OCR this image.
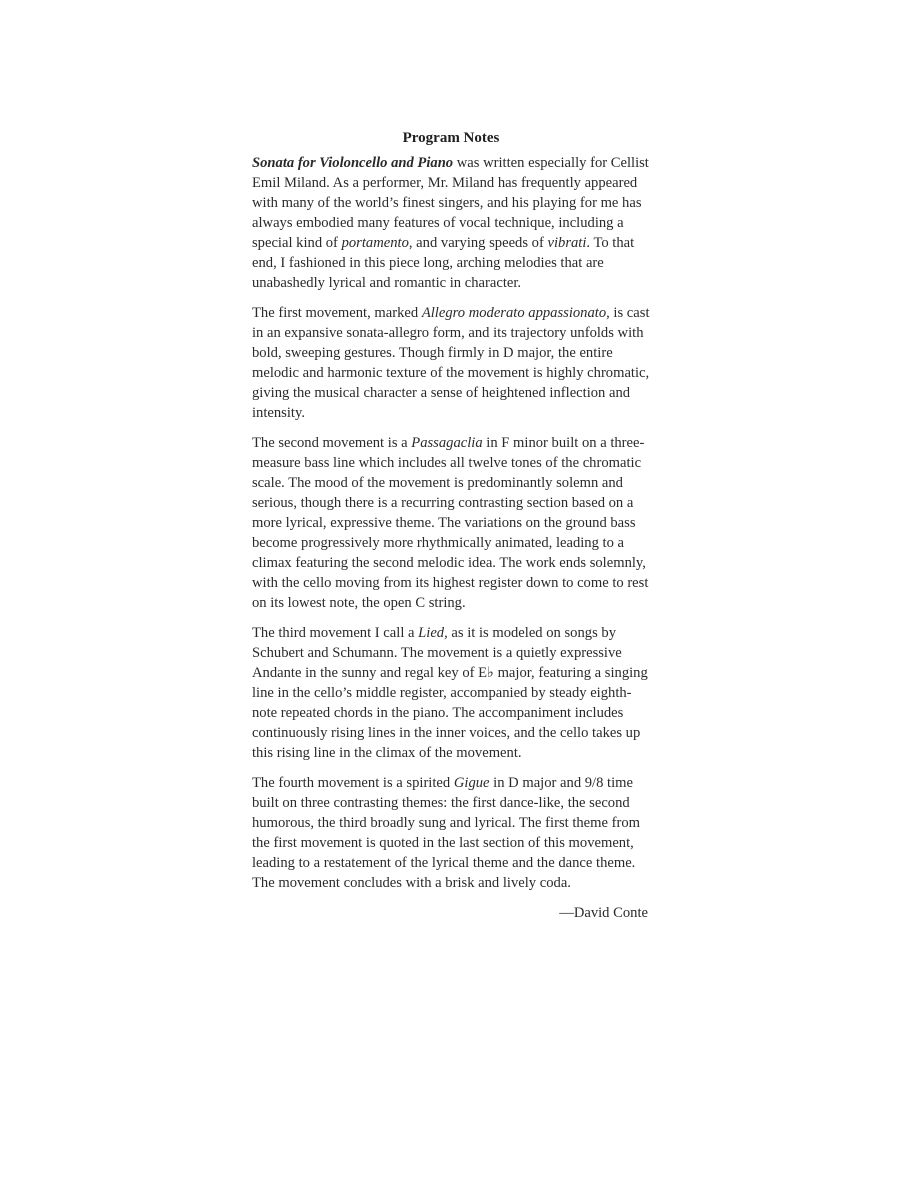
Program Notes

Sonata for Violoncello and Piano was written especially for Cellist Emil Miland. As a performer, Mr. Miland has frequently appeared with many of the world’s finest singers, and his playing for me has always embodied many features of vocal technique, including a special kind of portamento, and varying speeds of vibrati. To that end, I fashioned in this piece long, arching melodies that are unabashedly lyrical and romantic in character.

The first movement, marked Allegro moderato appassionato, is cast in an expansive sonata-allegro form, and its trajectory unfolds with bold, sweeping gestures. Though firmly in D major, the entire melodic and harmonic texture of the movement is highly chromatic, giving the musical character a sense of heightened inflection and intensity.

The second movement is a Passagaclia in F minor built on a three-measure bass line which includes all twelve tones of the chromatic scale. The mood of the movement is predominantly solemn and serious, though there is a recurring contrasting section based on a more lyrical, expressive theme. The variations on the ground bass become progressively more rhythmically animated, leading to a climax featuring the second melodic idea. The work ends solemnly, with the cello moving from its highest register down to come to rest on its lowest note, the open C string.

The third movement I call a Lied, as it is modeled on songs by Schubert and Schumann. The movement is a quietly expressive Andante in the sunny and regal key of E♭ major, featuring a singing line in the cello’s middle register, accompanied by steady eighth-note repeated chords in the piano. The accompaniment includes continuously rising lines in the inner voices, and the cello takes up this rising line in the climax of the movement.

The fourth movement is a spirited Gigue in D major and 9/8 time built on three contrasting themes: the first dance-like, the second humorous, the third broadly sung and lyrical. The first theme from the first movement is quoted in the last section of this movement, leading to a restatement of the lyrical theme and the dance theme. The movement concludes with a brisk and lively coda.

—David Conte
